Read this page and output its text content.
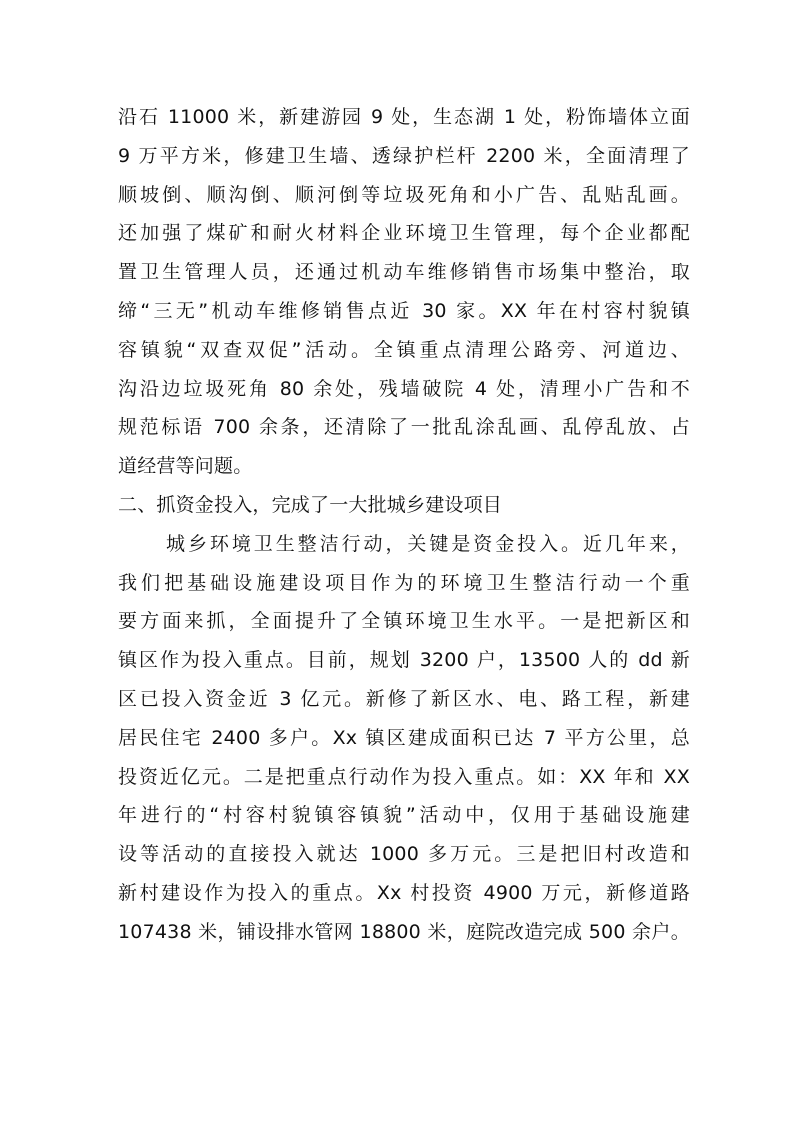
沿石 11000 米，新建游园 9 处，生态湖 1 处，粉饰墙体立面
9 万平方米，修建卫生墙、透绿护栏杆 2200 米，全面清理了
顺坡倒、顺沟倒、顺河倒等垃圾死角和小广告、乱贴乱画。
还加强了煤矿和耐火材料企业环境卫生管理，每个企业都配
置卫生管理人员，还通过机动车维修销售市场集中整治，取
缔“三无”机动车维修销售点近 30 家。XX 年在村容村貌镇
容镇貌“双查双促”活动。全镇重点清理公路旁、河道边、
沟沿边垃圾死角 80 余处，残墙破院 4 处，清理小广告和不
规范标语 700 余条，还清除了一批乱涂乱画、乱停乱放、占
道经营等问题。
二、抓资金投入，完成了一大批城乡建设项目
城乡环境卫生整洁行动，关键是资金投入。近几年来，
我们把基础设施建设项目作为的环境卫生整洁行动一个重
要方面来抓，全面提升了全镇环境卫生水平。一是把新区和
镇区作为投入重点。目前，规划 3200 户，13500 人的 dd 新
区已投入资金近 3 亿元。新修了新区水、电、路工程，新建
居民住宅 2400 多户。Xx 镇区建成面积已达 7 平方公里，总
投资近亿元。二是把重点行动作为投入重点。如：XX 年和 XX
年进行的“村容村貌镇容镇貌”活动中，仅用于基础设施建
设等活动的直接投入就达 1000 多万元。三是把旧村改造和
新村建设作为投入的重点。Xx 村投资 4900 万元，新修道路
107438 米，铺设排水管网 18800 米，庭院改造完成 500 余户。
